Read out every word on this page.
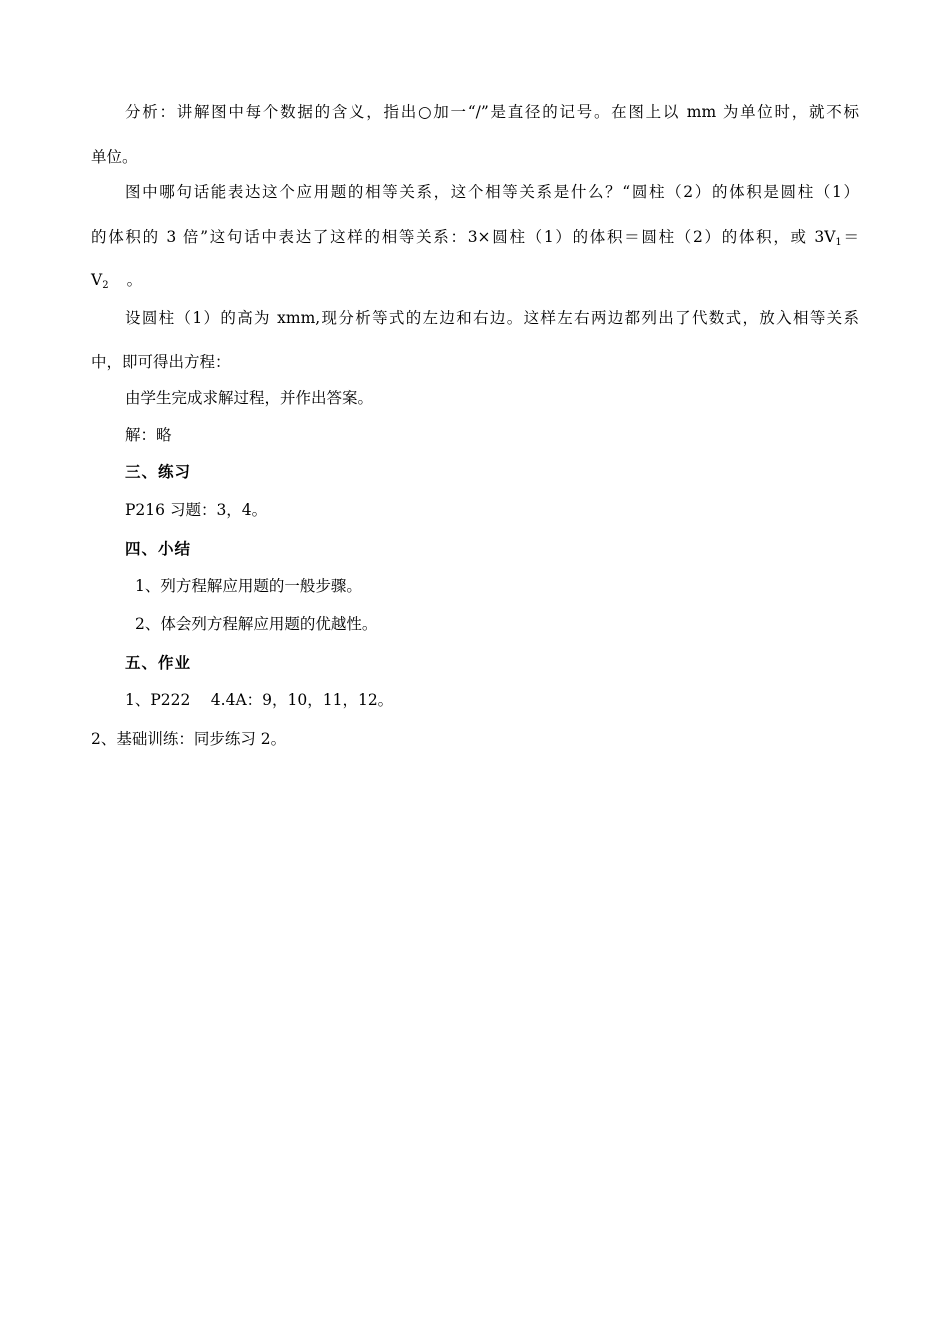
分析：讲解图中每个数据的含义，指出○加一“/”是直径的记号。在图上以 mm 为单位时，就不标
单位。
图中哪句话能表达这个应用题的相等关系，这个相等关系是什么？“圆柱（2）的体积是圆柱（1）
的体积的 3 倍”这句话中表达了这样的相等关系：3×圆柱（1）的体积＝圆柱（2）的体积，或 $3V_1=$
$V_2$ 。
设圆柱（1）的高为 xmm,现分析等式的左边和右边。这样左右两边都列出了代数式，放入相等关系
中，即可得出方程：
由学生完成求解过程，并作出答案。
解：略
三、练习
P216 习题：3，4。
四、小结
1、列方程解应用题的一般步骤。
2、体会列方程解应用题的优越性。
五、作业
1、P222　 4.4A：9，10，11，12。
2、基础训练：同步练习 2。
